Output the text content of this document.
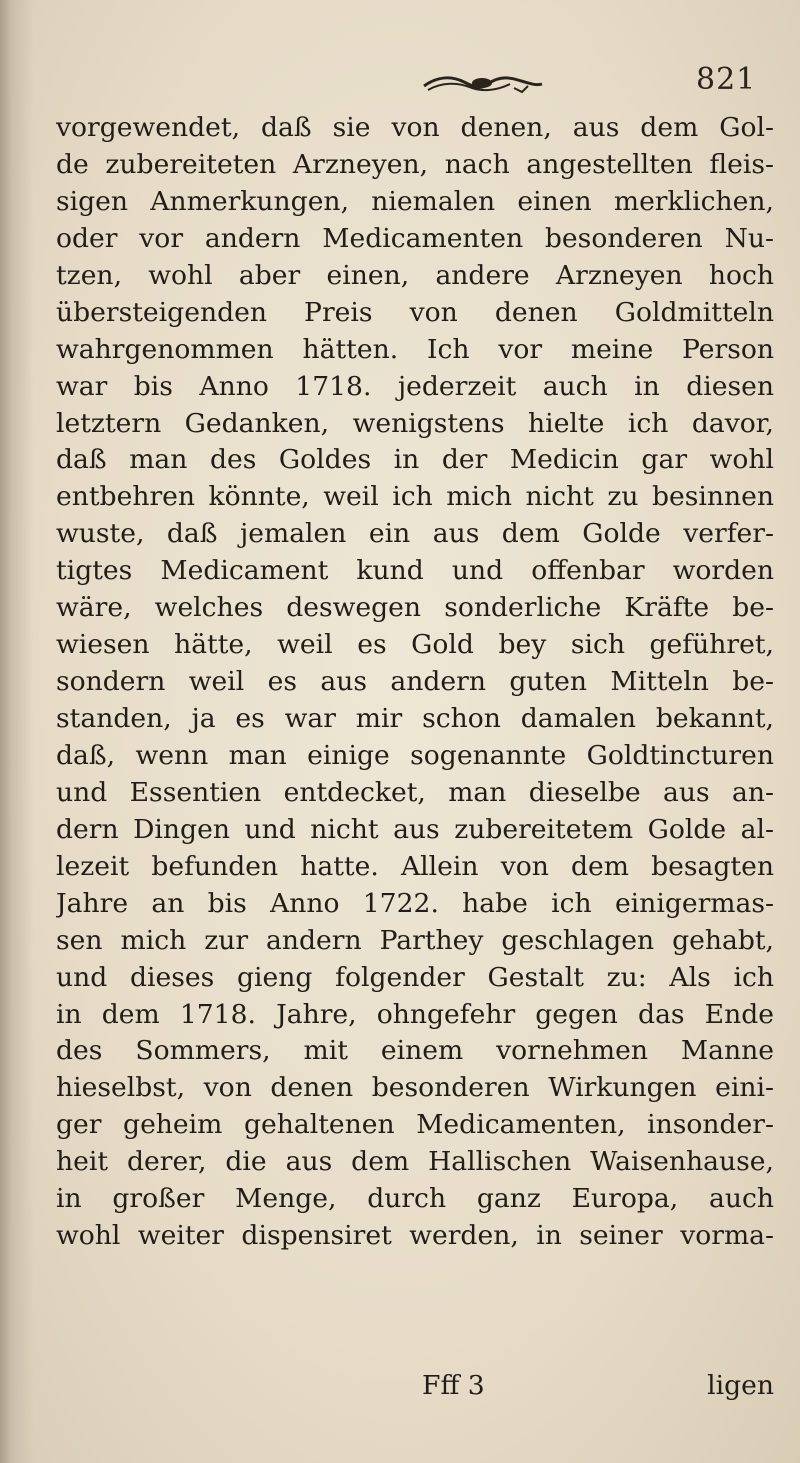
821
vorgewendet, daß sie von denen, aus dem Gol-
de zubereiteten Arzneyen, nach angestellten fleis-
sigen Anmerkungen, niemalen einen merklichen,
oder vor andern Medicamenten besonderen Nu-
tzen, wohl aber einen, andere Arzneyen hoch
übersteigenden Preis von denen Goldmitteln
wahrgenommen hätten. Ich vor meine Person
war bis Anno 1718. jederzeit auch in diesen
letztern Gedanken, wenigstens hielte ich davor,
daß man des Goldes in der Medicin gar wohl
entbehren könnte, weil ich mich nicht zu besinnen
wuste, daß jemalen ein aus dem Golde verfer-
tigtes Medicament kund und offenbar worden
wäre, welches deswegen sonderliche Kräfte be-
wiesen hätte, weil es Gold bey sich geführet,
sondern weil es aus andern guten Mitteln be-
standen, ja es war mir schon damalen bekannt,
daß, wenn man einige sogenannte Goldtincturen
und Essentien entdecket, man dieselbe aus an-
dern Dingen und nicht aus zubereitetem Golde al-
lezeit befunden hatte. Allein von dem besagten
Jahre an bis Anno 1722. habe ich einigermas-
sen mich zur andern Parthey geschlagen gehabt,
und dieses gieng folgender Gestalt zu: Als ich
in dem 1718. Jahre, ohngefehr gegen das Ende
des Sommers, mit einem vornehmen Manne
hieselbst, von denen besonderen Wirkungen eini-
ger geheim gehaltenen Medicamenten, insonder-
heit derer, die aus dem Hallischen Waisenhause,
in großer Menge, durch ganz Europa, auch
wohl weiter dispensiret werden, in seiner vorma-
Fff 3	ligen
